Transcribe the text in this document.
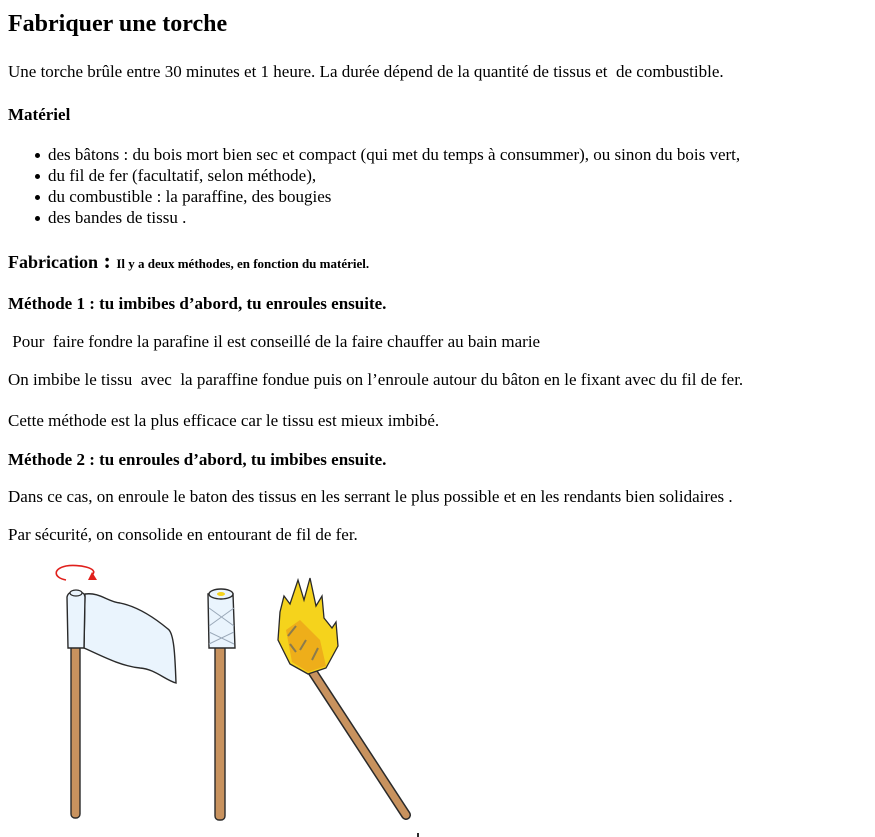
Fabriquer une torche

Une torche brûle entre 30 minutes et 1 heure. La durée dépend de la quantité de tissus et  de combustible.

Matériel

des bâtons : du bois mort bien sec et compact (qui met du temps à consummer), ou sinon du bois vert,
du fil de fer (facultatif, selon méthode),
du combustible : la paraffine, des bougies
des bandes de tissu .

Fabrication : Il y a deux méthodes, en fonction du matériel.

Méthode 1 : tu imbibes d’abord, tu enroules ensuite.

Pour  faire fondre la parafine il est conseillé de la faire chauffer au bain marie

On imbibe le tissu  avec  la paraffine fondue puis on l’enroule autour du bâton en le fixant avec du fil de fer.

Cette méthode est la plus efficace car le tissu est mieux imbibé.

Méthode 2 : tu enroules d’abord, tu imbibes ensuite.

Dans ce cas, on enroule le baton des tissus en les serrant le plus possible et en les rendants bien solidaires .

Par sécurité, on consolide en entourant de fil de fer.
